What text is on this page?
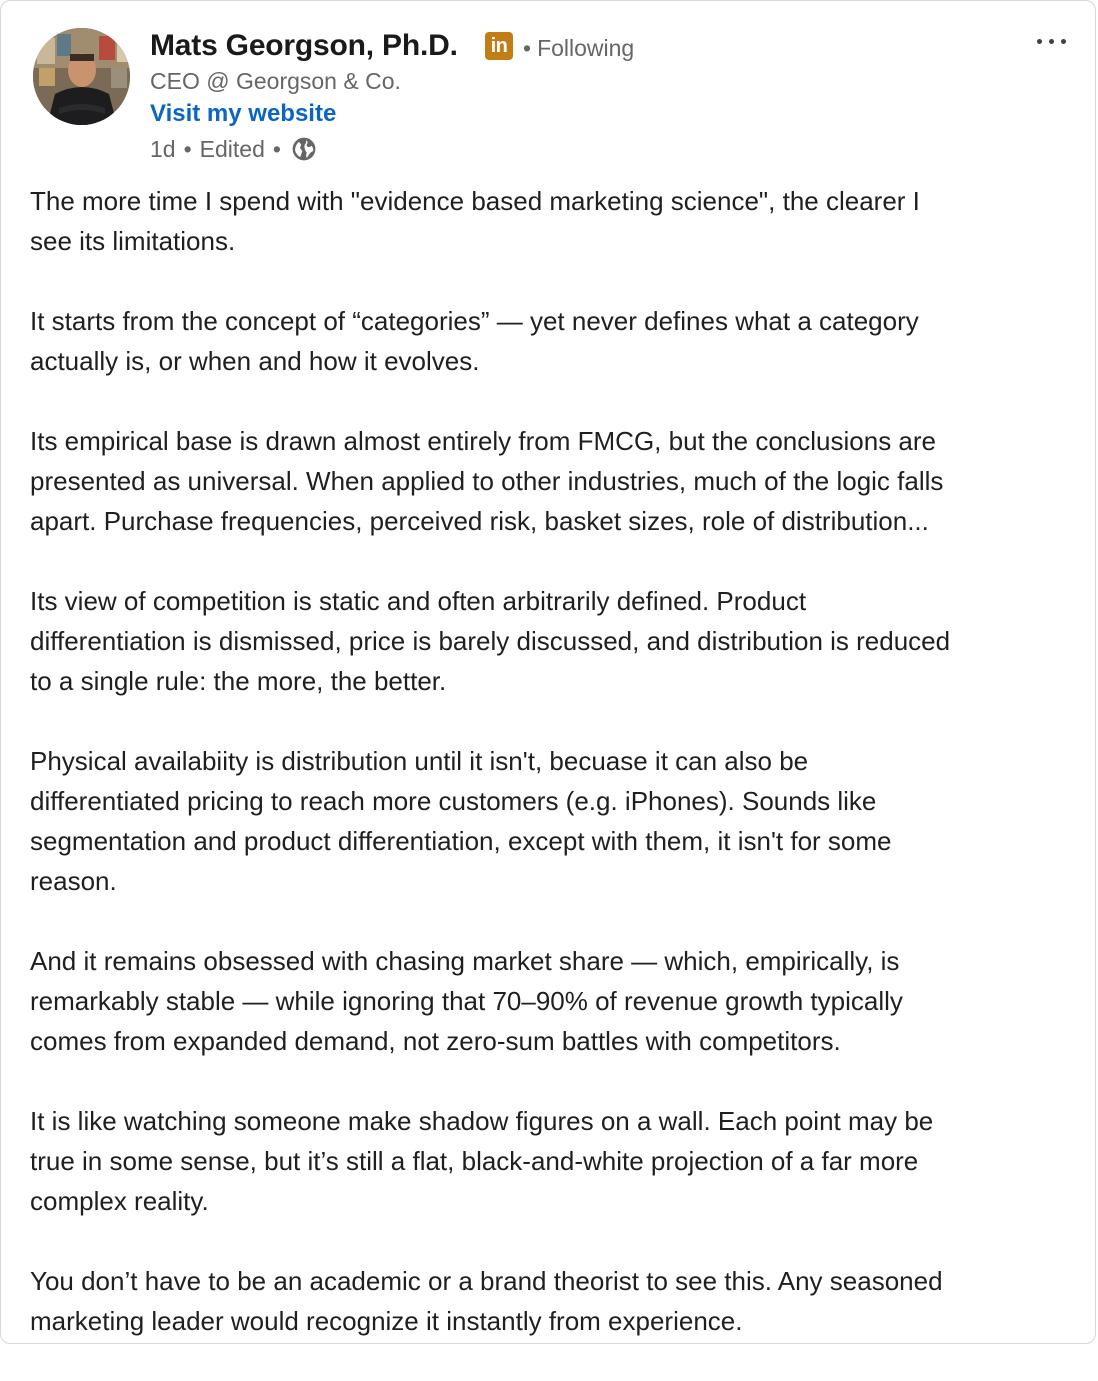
Mats Georgson, Ph.D. in • Following
CEO @ Georgson & Co.
Visit my website
1d • Edited •

The more time I spend with "evidence based marketing science", the clearer I
see its limitations.

It starts from the concept of “categories” — yet never defines what a category
actually is, or when and how it evolves.

Its empirical base is drawn almost entirely from FMCG, but the conclusions are
presented as universal. When applied to other industries, much of the logic falls
apart. Purchase frequencies, perceived risk, basket sizes, role of distribution...

Its view of competition is static and often arbitrarily defined. Product
differentiation is dismissed, price is barely discussed, and distribution is reduced
to a single rule: the more, the better.

Physical availabiity is distribution until it isn't, becuase it can also be
differentiated pricing to reach more customers (e.g. iPhones). Sounds like
segmentation and product differentiation, except with them, it isn't for some
reason.

And it remains obsessed with chasing market share — which, empirically, is
remarkably stable — while ignoring that 70–90% of revenue growth typically
comes from expanded demand, not zero-sum battles with competitors.

It is like watching someone make shadow figures on a wall. Each point may be
true in some sense, but it’s still a flat, black-and-white projection of a far more
complex reality.

You don’t have to be an academic or a brand theorist to see this. Any seasoned
marketing leader would recognize it instantly from experience.
